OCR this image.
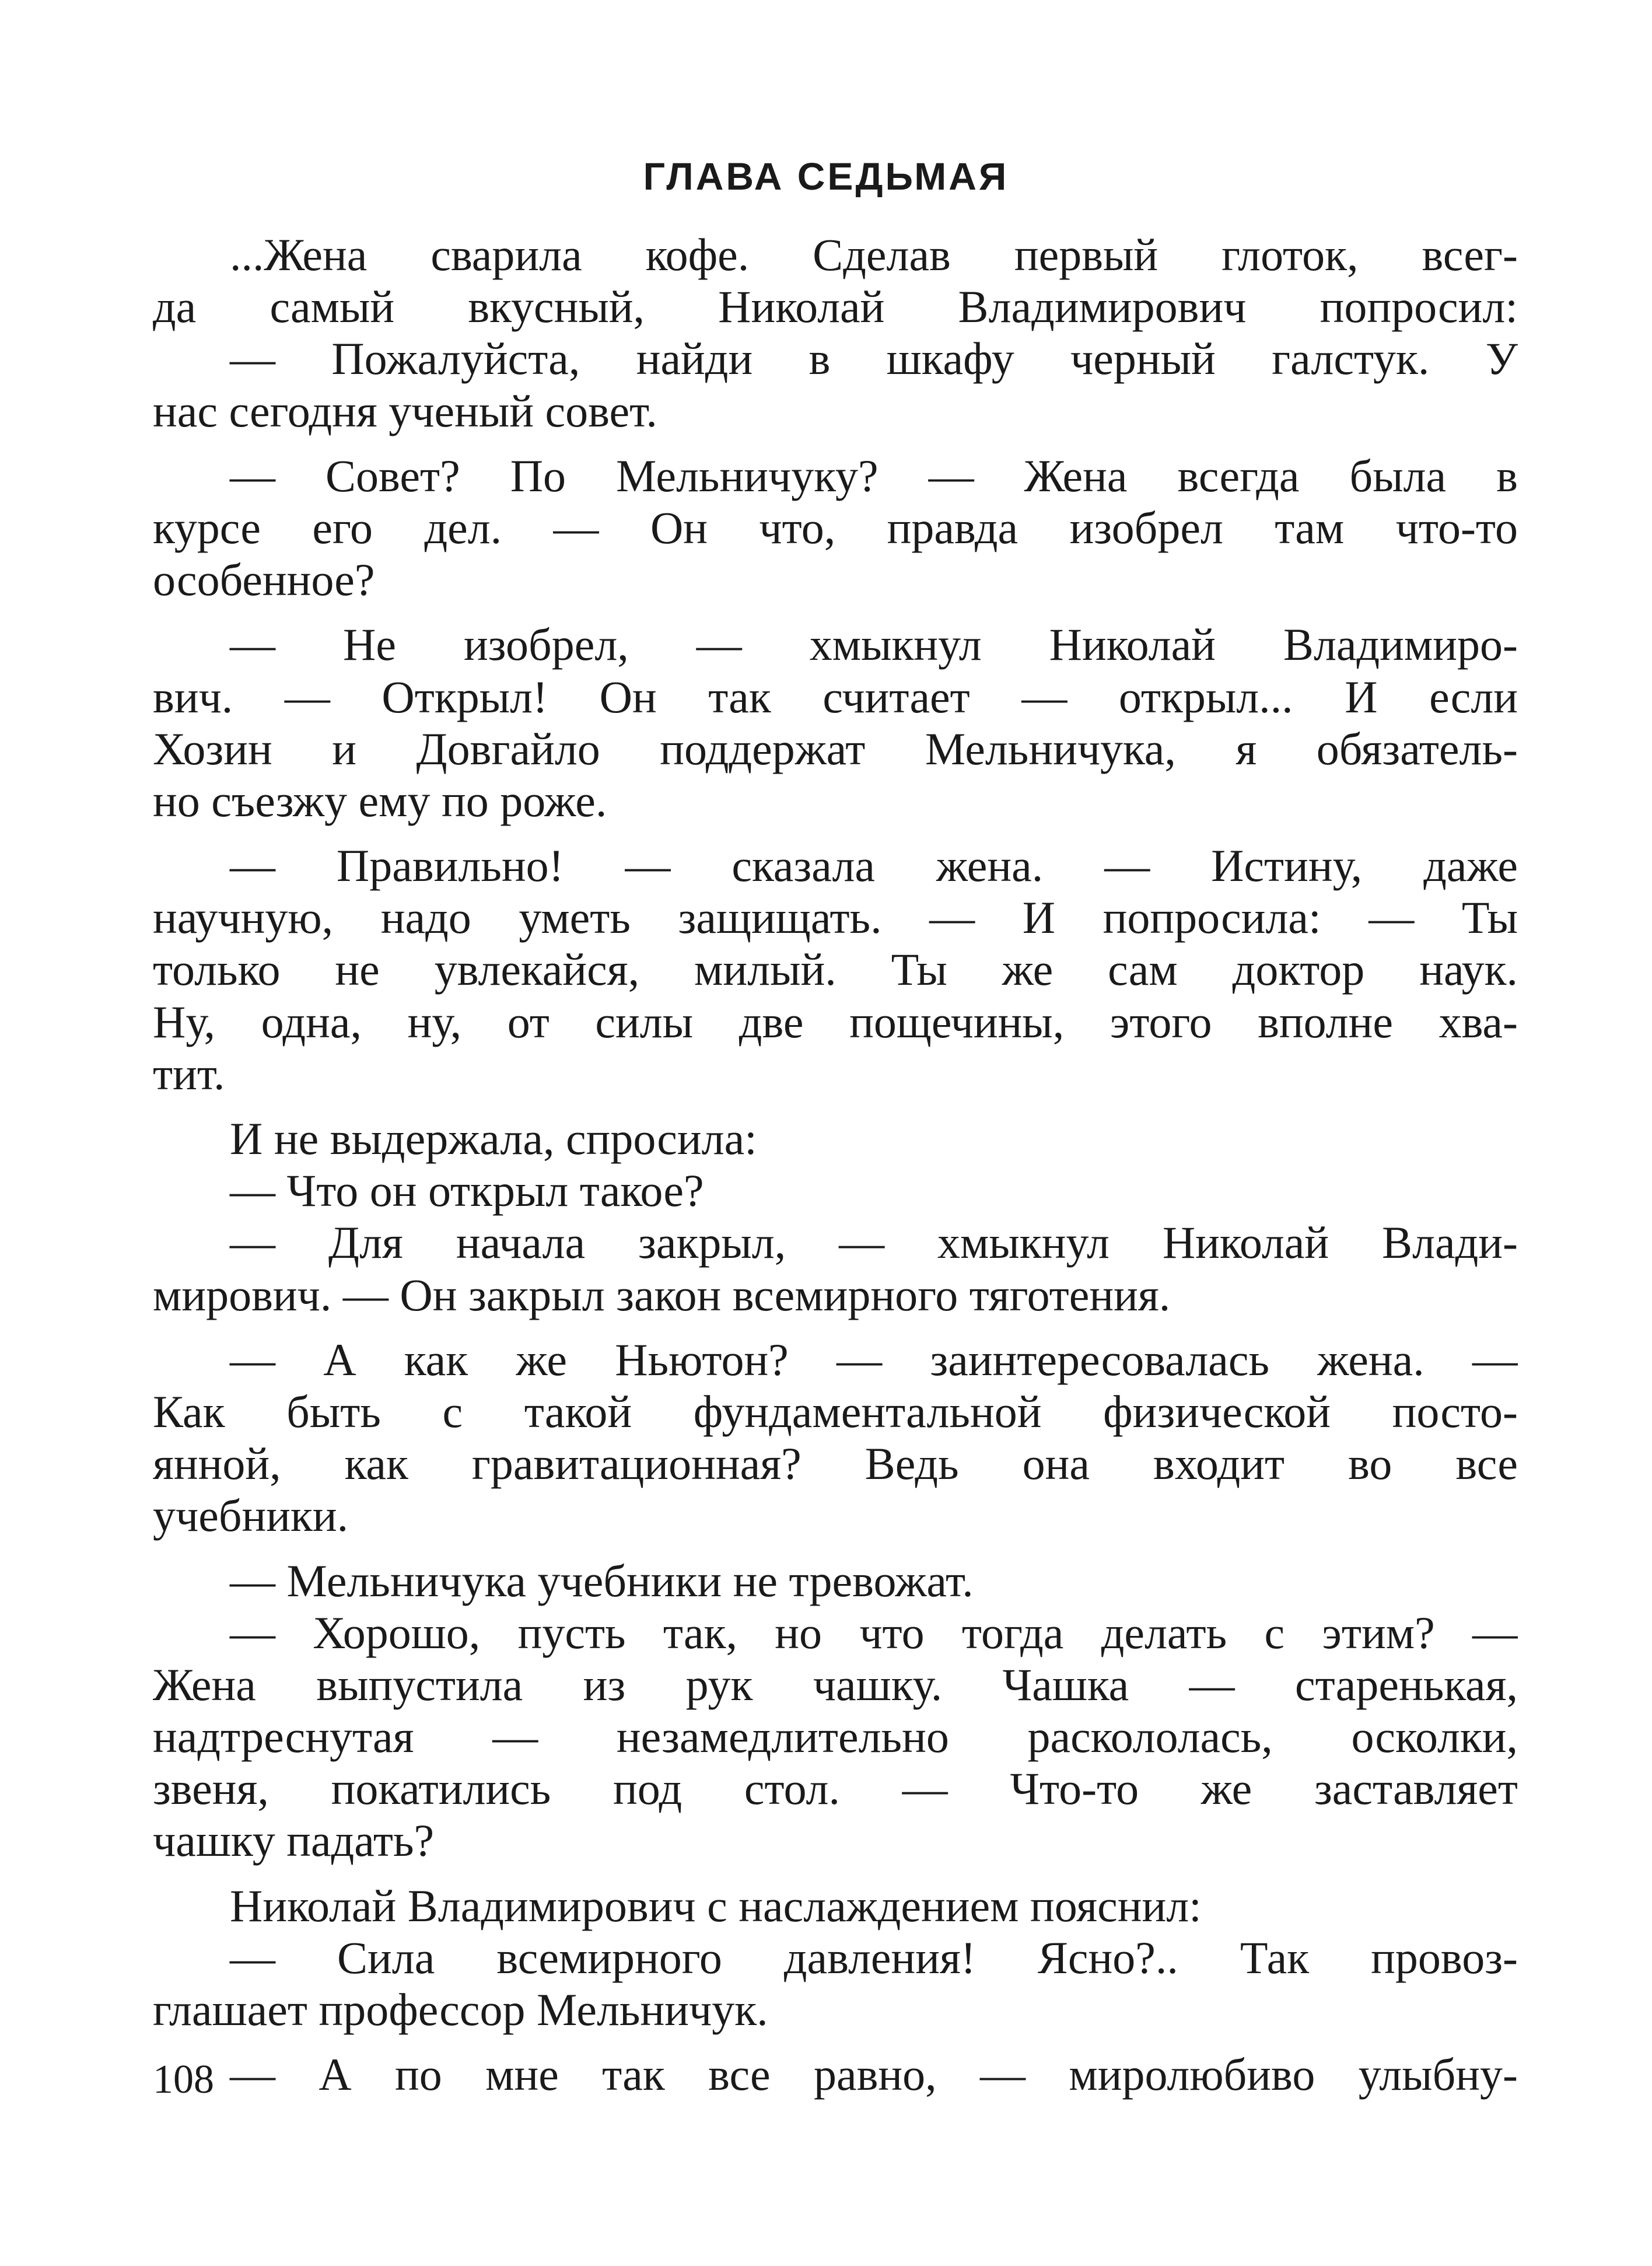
ГЛАВА СЕДЬМАЯ
...Жена сварила кофе. Сделав первый глоток, всег-
да самый вкусный, Николай Владимирович попросил:
— Пожалуйста, найди в шкафу черный галстук. У
нас сегодня ученый совет.
— Совет? По Мельничуку? — Жена всегда была в
курсе его дел. — Он что, правда изобрел там что-то
особенное?
— Не изобрел, — хмыкнул Николай Владимиро-
вич. — Открыл! Он так считает — открыл... И если
Хозин и Довгайло поддержат Мельничука, я обязатель-
но съезжу ему по роже.
— Правильно! — сказала жена. — Истину, даже
научную, надо уметь защищать. — И попросила: — Ты
только не увлекайся, милый. Ты же сам доктор наук.
Ну, одна, ну, от силы две пощечины, этого вполне хва-
тит.
И не выдержала, спросила:
— Что он открыл такое?
— Для начала закрыл, — хмыкнул Николай Влади-
мирович. — Он закрыл закон всемирного тяготения.
— А как же Ньютон? — заинтересовалась жена. —
Как быть с такой фундаментальной физической посто-
янной, как гравитационная? Ведь она входит во все
учебники.
— Мельничука учебники не тревожат.
— Хорошо, пусть так, но что тогда делать с этим? —
Жена выпустила из рук чашку. Чашка — старенькая,
надтреснутая — незамедлительно раскололась, осколки,
звеня, покатились под стол. — Что-то же заставляет
чашку падать?
Николай Владимирович с наслаждением пояснил:
— Сила всемирного давления! Ясно?.. Так провоз-
глашает профессор Мельничук.
— А по мне так все равно, — миролюбиво улыбну-
108
